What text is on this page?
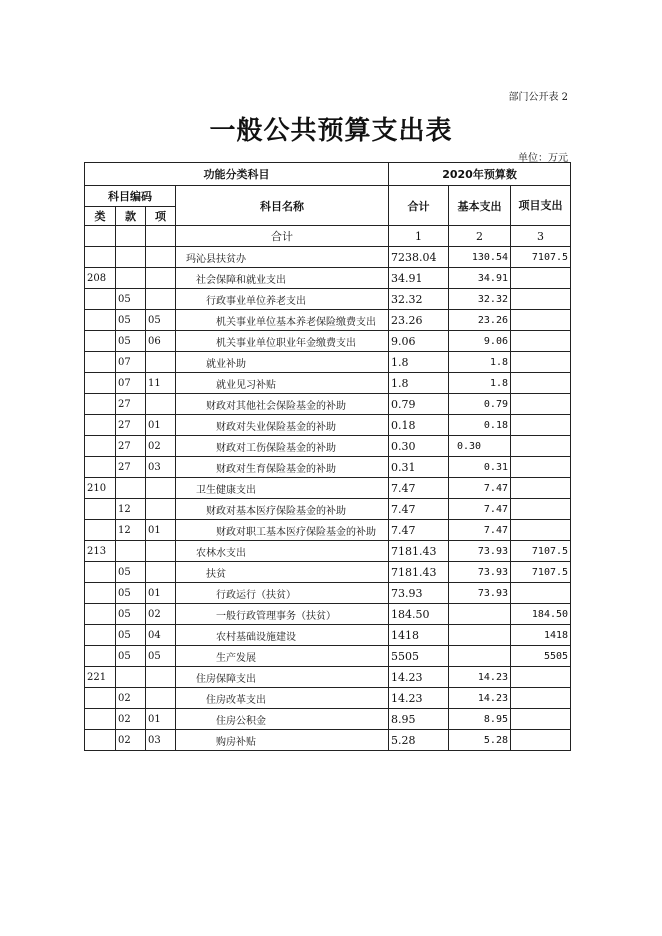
部门公开表 2
一般公共预算支出表
单位：万元
功能分类科目				2020年预算数		
科目编码			科目名称	合计	基本支出	项目支出
类	款	项				
			合计	1	2	3
			玛沁县扶贫办	7238.04	130.54	7107.5
208			社会保障和就业支出	34.91	34.91	
	05		行政事业单位养老支出	32.32	32.32	
	05	05	机关事业单位基本养老保险缴费支出	23.26	23.26	
	05	06	机关事业单位职业年金缴费支出	9.06	9.06	
	07		就业补助	1.8	1.8	
	07	11	就业见习补贴	1.8	1.8	
	27		财政对其他社会保险基金的补助	0.79	0.79	
	27	01	财政对失业保险基金的补助	0.18	0.18	
	27	02	财政对工伤保险基金的补助	0.30	0.30	
	27	03	财政对生育保险基金的补助	0.31	0.31	
210			卫生健康支出	7.47	7.47	
	12		财政对基本医疗保险基金的补助	7.47	7.47	
	12	01	财政对职工基本医疗保险基金的补助	7.47	7.47	
213			农林水支出	7181.43	73.93	7107.5
	05		扶贫	7181.43	73.93	7107.5
	05	01	行政运行（扶贫）	73.93	73.93	
	05	02	一般行政管理事务（扶贫）	184.50		184.50
	05	04	农村基础设施建设	1418		1418
	05	05	生产发展	5505		5505
221			住房保障支出	14.23	14.23	
	02		住房改革支出	14.23	14.23	
	02	01	住房公积金	8.95	8.95	
	02	03	购房补贴	5.28	5.28	
